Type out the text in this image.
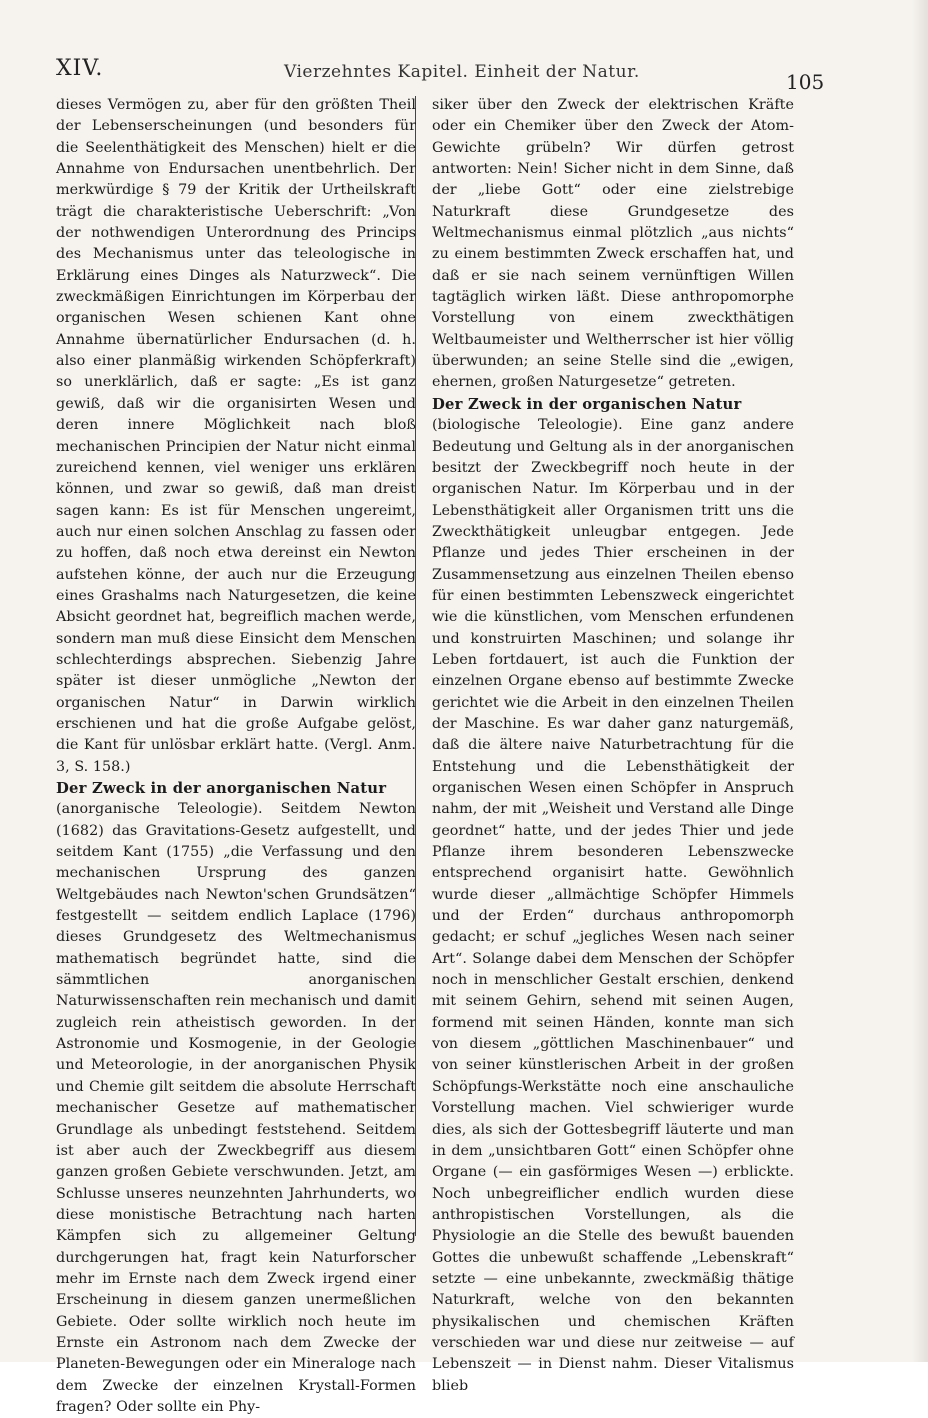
XIV.	Vierzehntes Kapitel. Einheit der Natur.	105

dieses Vermögen zu, aber für den größten Theil der Lebenserscheinungen (und besonders für die Seelenthätigkeit des Menschen) hielt er die Annahme von Endursachen unentbehrlich. Der merkwürdige § 79 der Kritik der Urtheilskraft trägt die charakteristische Ueberschrift: „Von der nothwendigen Unterordnung des Princips des Mechanismus unter das teleologische in Erklärung eines Dinges als Naturzweck“. Die zweckmäßigen Einrichtungen im Körperbau der organischen Wesen schienen Kant ohne Annahme übernatürlicher Endursachen (d. h. also einer planmäßig wirkenden Schöpferkraft) so unerklärlich, daß er sagte: „Es ist ganz gewiß, daß wir die organisirten Wesen und deren innere Möglichkeit nach bloß mechanischen Principien der Natur nicht einmal zureichend kennen, viel weniger uns erklären können, und zwar so gewiß, daß man dreist sagen kann: Es ist für Menschen ungereimt, auch nur einen solchen Anschlag zu fassen oder zu hoffen, daß noch etwa dereinst ein Newton aufstehen könne, der auch nur die Erzeugung eines Grashalms nach Naturgesetzen, die keine Absicht geordnet hat, begreiflich machen werde, sondern man muß diese Einsicht dem Menschen schlechterdings absprechen. Siebenzig Jahre später ist dieser unmögliche „Newton der organischen Natur“ in Darwin wirklich erschienen und hat die große Aufgabe gelöst, die Kant für unlösbar erklärt hatte. (Vergl. Anm. 3, S. 158.)

Der Zweck in der anorganischen Natur

(anorganische Teleologie). Seitdem Newton (1682) das Gravitations-Gesetz aufgestellt, und seitdem Kant (1755) „die Verfassung und den mechanischen Ursprung des ganzen Weltgebäudes nach Newton'schen Grundsätzen“ festgestellt — seitdem endlich Laplace (1796) dieses Grundgesetz des Weltmechanismus mathematisch begründet hatte, sind die sämmtlichen anorganischen Naturwissenschaften rein mechanisch und damit zugleich rein atheistisch geworden. In der Astronomie und Kosmogenie, in der Geologie und Meteorologie, in der anorganischen Physik und Chemie gilt seitdem die absolute Herrschaft mechanischer Gesetze auf mathematischer Grundlage als unbedingt feststehend. Seitdem ist aber auch der Zweckbegriff aus diesem ganzen großen Gebiete verschwunden. Jetzt, am Schlusse unseres neunzehnten Jahrhunderts, wo diese monistische Betrachtung nach harten Kämpfen sich zu allgemeiner Geltung durchgerungen hat, fragt kein Naturforscher mehr im Ernste nach dem Zweck irgend einer Erscheinung in diesem ganzen unermeßlichen Gebiete. Oder sollte wirklich noch heute im Ernste ein Astronom nach dem Zwecke der Planeten-Bewegungen oder ein Mineraloge nach dem Zwecke der einzelnen Krystall-Formen fragen? Oder sollte ein Phy-

siker über den Zweck der elektrischen Kräfte oder ein Chemiker über den Zweck der Atom-Gewichte grübeln? Wir dürfen getrost antworten: Nein! Sicher nicht in dem Sinne, daß der „liebe Gott“ oder eine zielstrebige Naturkraft diese Grundgesetze des Weltmechanismus einmal plötzlich „aus nichts“ zu einem bestimmten Zweck erschaffen hat, und daß er sie nach seinem vernünftigen Willen tagtäglich wirken läßt. Diese anthropomorphe Vorstellung von einem zweckthätigen Weltbaumeister und Weltherrscher ist hier völlig überwunden; an seine Stelle sind die „ewigen, ehernen, großen Naturgesetze“ getreten.

Der Zweck in der organischen Natur

(biologische Teleologie). Eine ganz andere Bedeutung und Geltung als in der anorganischen besitzt der Zweckbegriff noch heute in der organischen Natur. Im Körperbau und in der Lebensthätigkeit aller Organismen tritt uns die Zweckthätigkeit unleugbar entgegen. Jede Pflanze und jedes Thier erscheinen in der Zusammensetzung aus einzelnen Theilen ebenso für einen bestimmten Lebenszweck eingerichtet wie die künstlichen, vom Menschen erfundenen und konstruirten Maschinen; und solange ihr Leben fortdauert, ist auch die Funktion der einzelnen Organe ebenso auf bestimmte Zwecke gerichtet wie die Arbeit in den einzelnen Theilen der Maschine. Es war daher ganz naturgemäß, daß die ältere naive Naturbetrachtung für die Entstehung und die Lebensthätigkeit der organischen Wesen einen Schöpfer in Anspruch nahm, der mit „Weisheit und Verstand alle Dinge geordnet“ hatte, und der jedes Thier und jede Pflanze ihrem besonderen Lebenszwecke entsprechend organisirt hatte. Gewöhnlich wurde dieser „allmächtige Schöpfer Himmels und der Erden“ durchaus anthropomorph gedacht; er schuf „jegliches Wesen nach seiner Art“. Solange dabei dem Menschen der Schöpfer noch in menschlicher Gestalt erschien, denkend mit seinem Gehirn, sehend mit seinen Augen, formend mit seinen Händen, konnte man sich von diesem „göttlichen Maschinenbauer“ und von seiner künstlerischen Arbeit in der großen Schöpfungs-Werkstätte noch eine anschauliche Vorstellung machen. Viel schwieriger wurde dies, als sich der Gottesbegriff läuterte und man in dem „unsichtbaren Gott“ einen Schöpfer ohne Organe (— ein gasförmiges Wesen —) erblickte. Noch unbegreiflicher endlich wurden diese anthropistischen Vorstellungen, als die Physiologie an die Stelle des bewußt bauenden Gottes die unbewußt schaffende „Lebenskraft“ setzte — eine unbekannte, zweckmäßig thätige Naturkraft, welche von den bekannten physikalischen und chemischen Kräften verschieden war und diese nur zeitweise — auf Lebenszeit — in Dienst nahm. Dieser Vitalismus blieb
